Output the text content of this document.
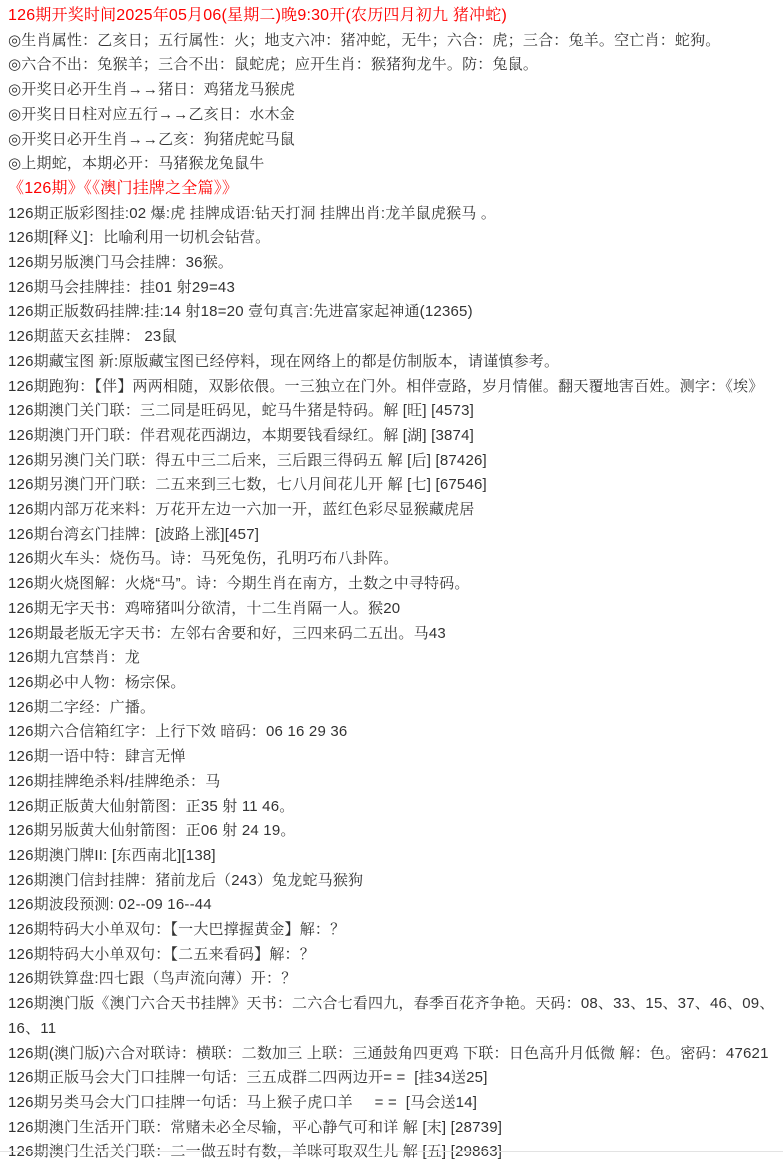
126期开奖时间2025年05月06(星期二)晚9:30开(农历四月初九 猪冲蛇)
◎生肖属性：乙亥日；五行属性：火；地支六冲：猪冲蛇，无牛；六合：虎；三合：兔羊。空亡肖：蛇狗。
◎六合不出：兔猴羊；三合不出：鼠蛇虎；应开生肖：猴猪狗龙牛。防：兔鼠。
◎开奖日必开生肖→→猪日：鸡猪龙马猴虎
◎开奖日日柱对应五行→→乙亥日：水木金
◎开奖日必开生肖→→乙亥：狗猪虎蛇马鼠
◎上期蛇，本期必开：马猪猴龙兔鼠牛
《126期》《《澳门挂牌之全篇》》
126期正版彩图挂:02 爆:虎 挂牌成语:钻天打洞 挂牌出肖:龙羊鼠虎猴马 。
126期[释义]：比喻利用一切机会钻营。
126期另版澳门马会挂牌：36猴。
126期马会挂牌挂：挂01 射29=43
126期正版数码挂牌:挂:14 射18=20 壹句真言:先进富家起神通(12365)
126期蓝天玄挂牌： 23鼠
126期藏宝图 新:原版藏宝图已经停料，现在网络上的都是仿制版本，请谨慎参考。
126期跑狗：【伴】两两相随，双影依偎。一三独立在门外。相伴壹路，岁月情催。翻天覆地害百姓。测字：《埃》
126期澳门关门联：三二同是旺码见，蛇马牛猪是特码。解 [旺] [4573]
126期澳门开门联：伴君观花西湖边，本期要钱看绿红。解 [湖] [3874]
126期另澳门关门联：得五中三二后来，三后跟三得码五 解 [后] [87426]
126期另澳门开门联：二五来到三七数，七八月间花儿开 解 [七] [67546]
126期内部万花来料：万花开左边一六加一开，蓝红色彩尽显猴藏虎居
126期台湾玄门挂牌：[波路上涨][457]
126期火车头：烧伤马。诗：马死兔伤，孔明巧布八卦阵。
126期火烧图解：火烧“马”。诗：今期生肖在南方，土数之中寻特码。
126期无字天书：鸡啼猪叫分欲清，十二生肖隔一人。猴20
126期最老版无字天书：左邻右舍要和好，三四来码二五出。马43
126期九宫禁肖：龙
126期必中人物：杨宗保。
126期二字经：广播。
126期六合信箱红字：上行下效 暗码：06 16 29 36
126期一语中特：肆言无惮
126期挂牌绝杀料/挂牌绝杀：马
126期正版黄大仙射箭图：正35 射 11 46。
126期另版黄大仙射箭图：正06 射 24 19。
126期澳门牌II: [东西南北][138]
126期澳门信封挂牌：猪前龙后（243）兔龙蛇马猴狗
126期波段预测: 02--09 16--44
126期特码大小单双句：【一大巴撑握黄金】解：？
126期特码大小单双句：【二五来看码】解：？
126期铁算盘:四七跟（鸟声流向薄）开：？
126期澳门版《澳门六合天书挂牌》天书：二六合七看四九，春季百花齐争艳。天码：08、33、15、37、46、09、16、11
126期(澳门版)六合对联诗：横联：二数加三 上联：三通鼓角四更鸡 下联：日色高升月低微 解：色。密码：47621
126期正版马会大门口挂牌一句话：三五成群二四两边开= =  [挂34送25]
126期另类马会大门口挂牌一句话：马上猴子虎口羊     = =  [马会送14]
126期澳门生活开门联：常赌未必全尽输，平心静气可和详 解 [末] [28739]
126期澳门生活关门联：二一做五时有数，羊咪可取双生儿 解 [五] [29863]
